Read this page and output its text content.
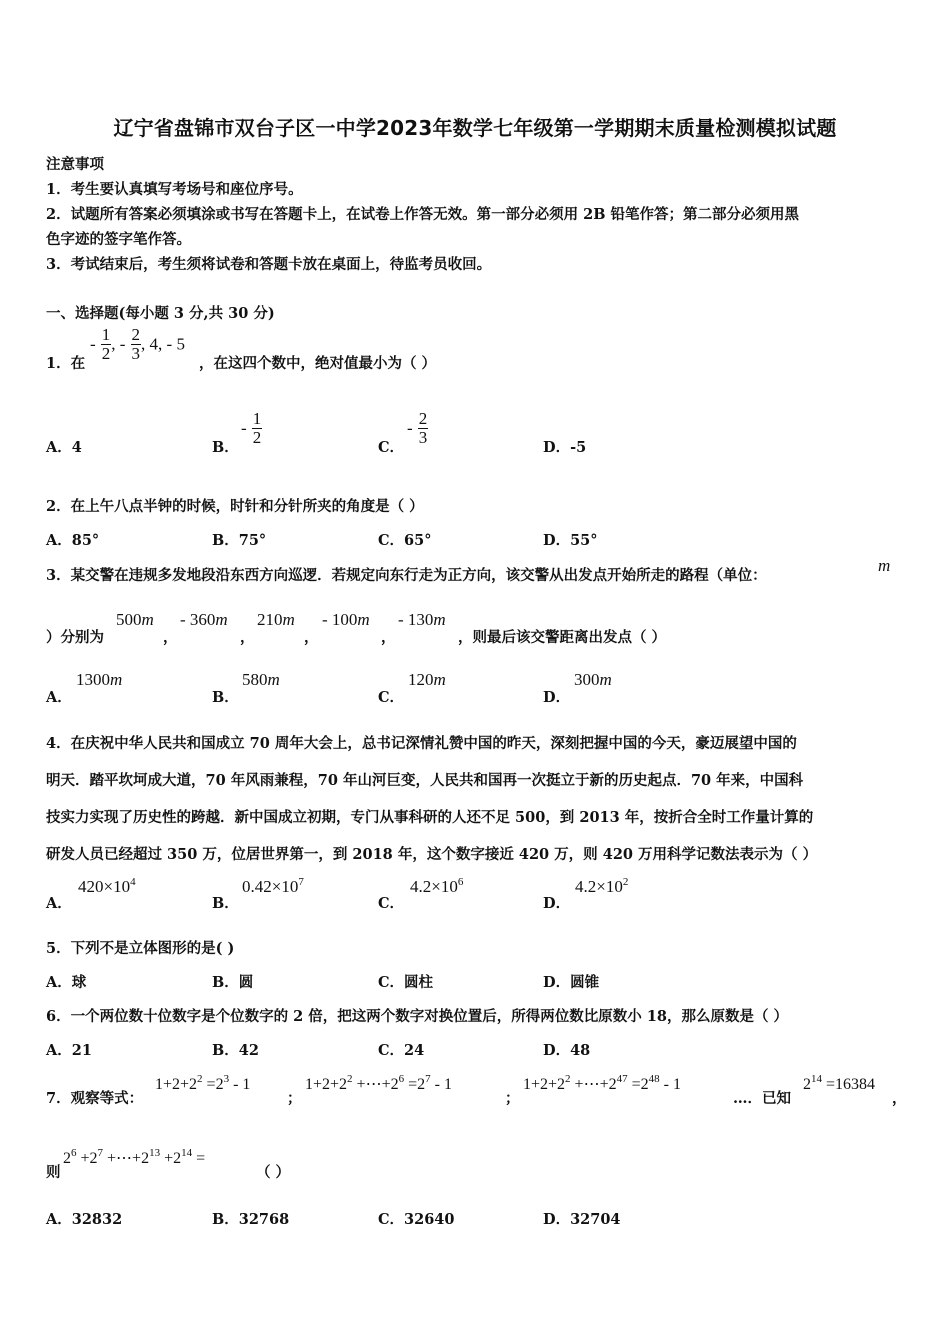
辽宁省盘锦市双台子区一中学2023年数学七年级第一学期期末质量检测模拟试题
注意事项
1．考生要认真填写考场号和座位序号。
2．试题所有答案必须填涂或书写在答题卡上，在试卷上作答无效。第一部分必须用 2B 铅笔作答；第二部分必须用黑
色字迹的签字笔作答。
3．考试结束后，考生须将试卷和答题卡放在桌面上，待监考员收回。
一、选择题(每小题 3 分,共 30 分)
1．在
- $\frac{1}{2}$ , - $\frac{2}{3}$ , 4, - 5
，在这四个数中，绝对值最小为（ ）
A．4	B．
- $\frac{1}{2}$
C．
- $\frac{2}{3}$
D．-5
2．在上午八点半钟的时候，时针和分针所夹的角度是（ ）
A．85°	B．75°	C．65°	D．55°
3．某交警在违规多发地段沿东西方向巡逻．若规定向东行走为正方向，该交警从出发点开始所走的路程（单位：
m
）分别为
500m
，
- 360m
，
210m
，
- 100m
，
- 130m
，则最后该交警距离出发点（ ）
A．
1300m
B．
580m
C．
120m
D．
300m
4．在庆祝中华人民共和国成立 70 周年大会上，总书记深情礼赞中国的昨天，深刻把握中国的今天，豪迈展望中国的
明天．踏平坎坷成大道，70 年风雨兼程，70 年山河巨变，人民共和国再一次挺立于新的历史起点．70 年来，中国科
技实力实现了历史性的跨越．新中国成立初期，专门从事科研的人还不足 500，到 2013 年，按折合全时工作量计算的
研发人员已经超过 350 万，位居世界第一，到 2018 年，这个数字接近 420 万，则 420 万用科学记数法表示为（ ）
A．
$420\times 10^4$
B．
$0.42\times 10^7$
C．
$4.2\times 10^6$
D．
$4.2\times 10^2$
5．下列不是立体图形的是( )
A．球	B．圆	C．圆柱	D．圆锥
6．一个两位数十位数字是个位数字的 2 倍，把这两个数字对换位置后，所得两位数比原数小 18，那么原数是（ ）
A．21	B．42	C．24	D．48
7．观察等式：
$1+2+2^2 =2^3 - 1$
；
$1+2+2^2$ $+\cdots+2^6 =2^7 - 1$
；
$1+2+2^2$ $+\cdots+2^{47} =2^{48} - 1$
…．已知
$2^{14} =16384$
，
则
$2^6 +2^7$ $+\cdots+2^{13} +2^{14}$ =
（ ）
A．32832	B．32768	C．32640	D．32704
